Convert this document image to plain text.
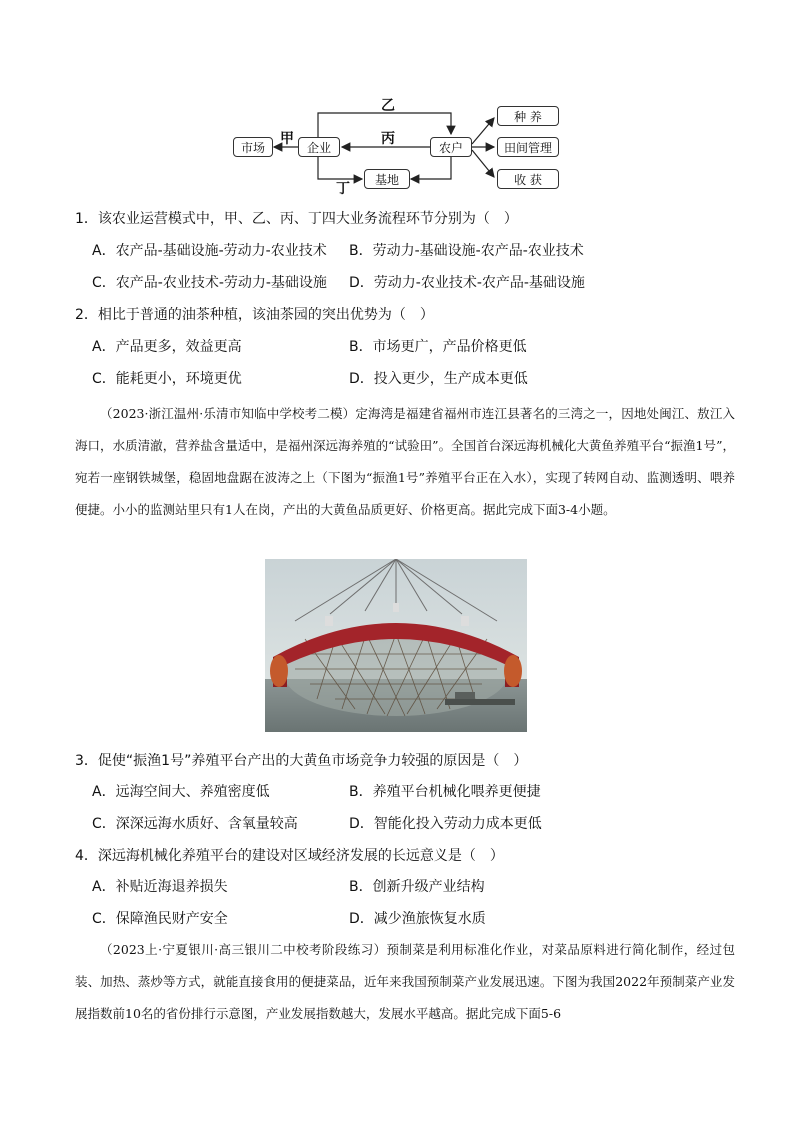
市场	企业	农户
基地
种 养
田间管理
收 获
甲
乙
丙
丁
1．该农业运营模式中，甲、乙、丙、丁四大业务流程环节分别为（　）
A．农产品-基础设施-劳动力-农业技术 B．劳动力-基础设施-农产品-农业技术
C．农产品-农业技术-劳动力-基础设施 D．劳动力-农业技术-农产品-基础设施
2．相比于普通的油茶种植，该油茶园的突出优势为（　）
A．产品更多，效益更高	B．市场更广，产品价格更低
C．能耗更小，环境更优	D．投入更少，生产成本更低
（2023·浙江温州·乐清市知临中学校考二模）定海湾是福建省福州市连江县著名的三湾之一，因地处闽江、敖江入海口，水质清澈，营养盐含量适中，是福州深远海养殖的“试验田”。全国首台深远海机械化大黄鱼养殖平台“振渔1号”，宛若一座钢铁城堡，稳固地盘踞在波涛之上（下图为“振渔1号”养殖平台正在入水），实现了转网自动、监测透明、喂养便捷。小小的监测站里只有1人在岗，产出的大黄鱼品质更好、价格更高。据此完成下面3-4小题。
3．促使“振渔1号”养殖平台产出的大黄鱼市场竞争力较强的原因是（　）
A．远海空间大、养殖密度低	B．养殖平台机械化喂养更便捷
C．深深远海水质好、含氧量较高	D．智能化投入劳动力成本更低
4．深远海机械化养殖平台的建设对区域经济发展的长远意义是（　）
A．补贴近海退养损失	B．创新升级产业结构
C．保障渔民财产安全	D．减少渔旅恢复水质
（2023上·宁夏银川·高三银川二中校考阶段练习）预制菜是利用标准化作业，对菜品原料进行简化制作，经过包装、加热、蒸炒等方式，就能直接食用的便捷菜品，近年来我国预制菜产业发展迅速。下图为我国2022年预制菜产业发展指数前10名的省份排行示意图，产业发展指数越大，发展水平越高。据此完成下面5-6
